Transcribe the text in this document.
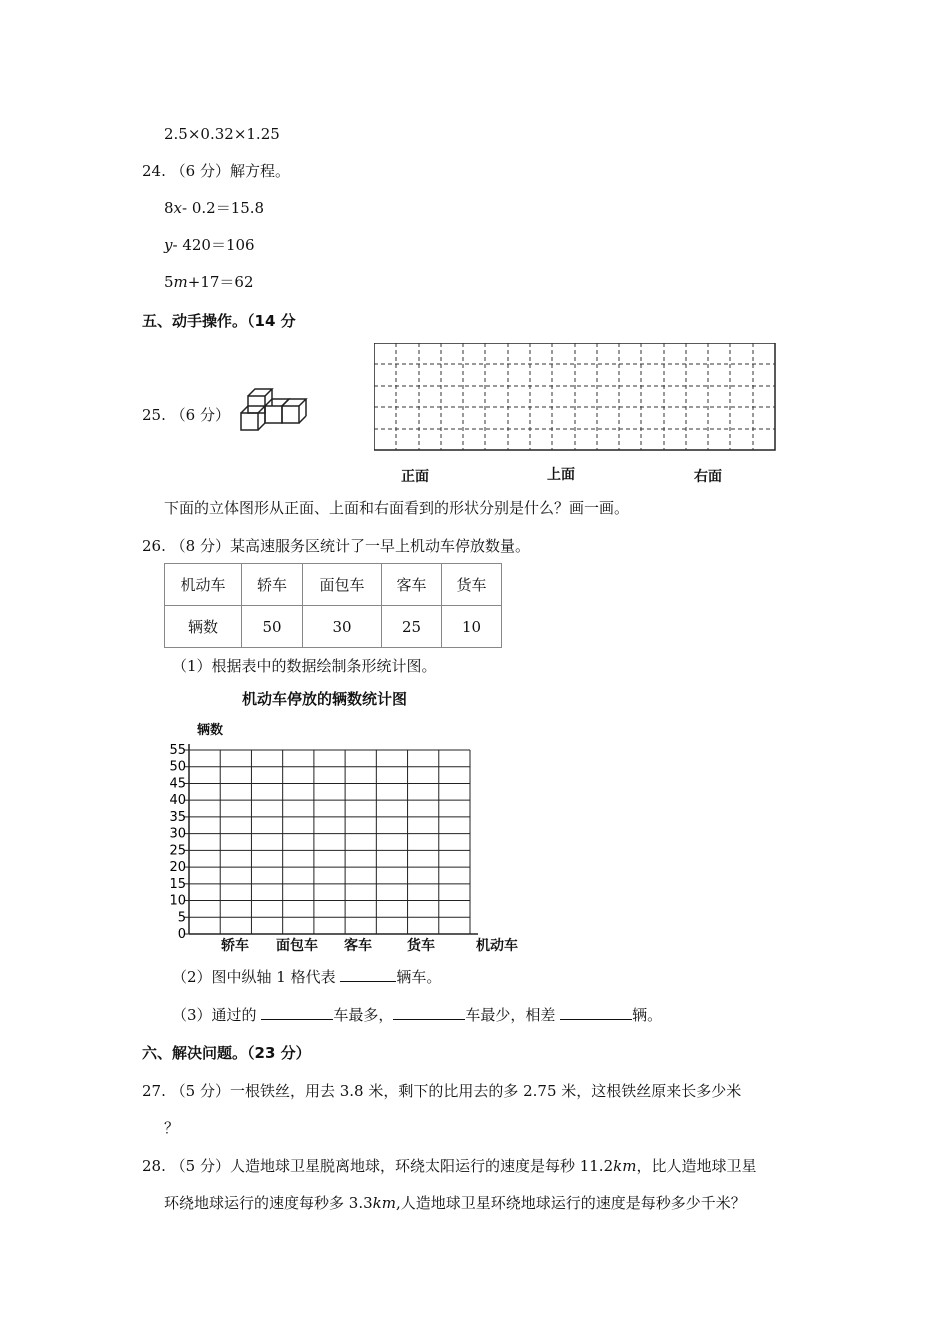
2.5×0.32×1.25
24. （6 分）解方程。
8x- 0.2＝15.8
y- 420＝106
5m+17＝62
五、动手操作。（14 分
25. （6 分）
正面	上面	右面
下面的立体图形从正面、上面和右面看到的形状分别是什么？画一画。
26. （8 分）某高速服务区统计了一早上机动车停放数量。
机动车	轿车	面包车	客车	货车
辆数	50	30	25	10
（1）根据表中的数据绘制条形统计图。
机动车停放的辆数统计图
辆数
机动车
0
5
10
15
20
25
30
35
40
45
50
55
轿车 面包车 客车	货车
（2）图中纵轴 1 格代表	辆车。
（3）通过的	车最多，	车最少，相差	辆。
六、解决问题。（23 分）
27. （5 分）一根铁丝，用去 3.8 米，剩下的比用去的多 2.75 米，这根铁丝原来长多少米
？
28. （5 分）人造地球卫星脱离地球，环绕太阳运行的速度是每秒 11.2km，比人造地球卫星
环绕地球运行的速度每秒多 3.3km,人造地球卫星环绕地球运行的速度是每秒多少千米？
